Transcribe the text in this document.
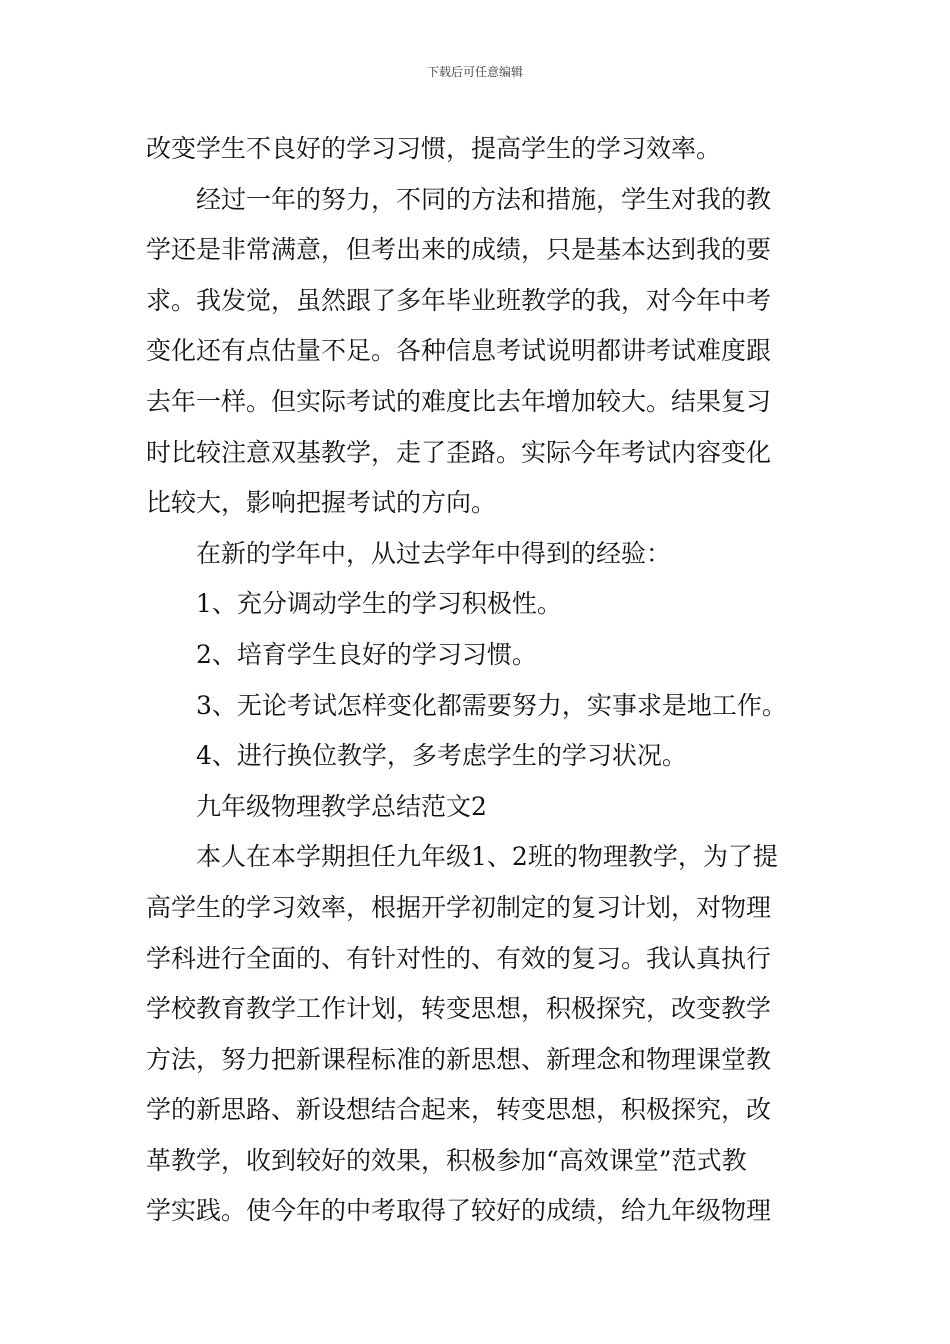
下载后可任意编辑
改变学生不良好的学习习惯，提高学生的学习效率。
经过一年的努力，不同的方法和措施，学生对我的教
学还是非常满意，但考出来的成绩，只是基本达到我的要
求。我发觉，虽然跟了多年毕业班教学的我，对今年中考
变化还有点估量不足。各种信息考试说明都讲考试难度跟
去年一样。但实际考试的难度比去年增加较大。结果复习
时比较注意双基教学，走了歪路。实际今年考试内容变化
比较大，影响把握考试的方向。
在新的学年中，从过去学年中得到的经验：
1、充分调动学生的学习积极性。
2、培育学生良好的学习习惯。
3、无论考试怎样变化都需要努力，实事求是地工作。
4、进行换位教学，多考虑学生的学习状况。
九年级物理教学总结范文2
本人在本学期担任九年级1、2班的物理教学，为了提
高学生的学习效率，根据开学初制定的复习计划，对物理
学科进行全面的、有针对性的、有效的复习。我认真执行
学校教育教学工作计划，转变思想，积极探究，改变教学
方法，努力把新课程标准的新思想、新理念和物理课堂教
学的新思路、新设想结合起来，转变思想，积极探究，改
革教学，收到较好的效果，积极参加“高效课堂”范式教
学实践。使今年的中考取得了较好的成绩，给九年级物理
